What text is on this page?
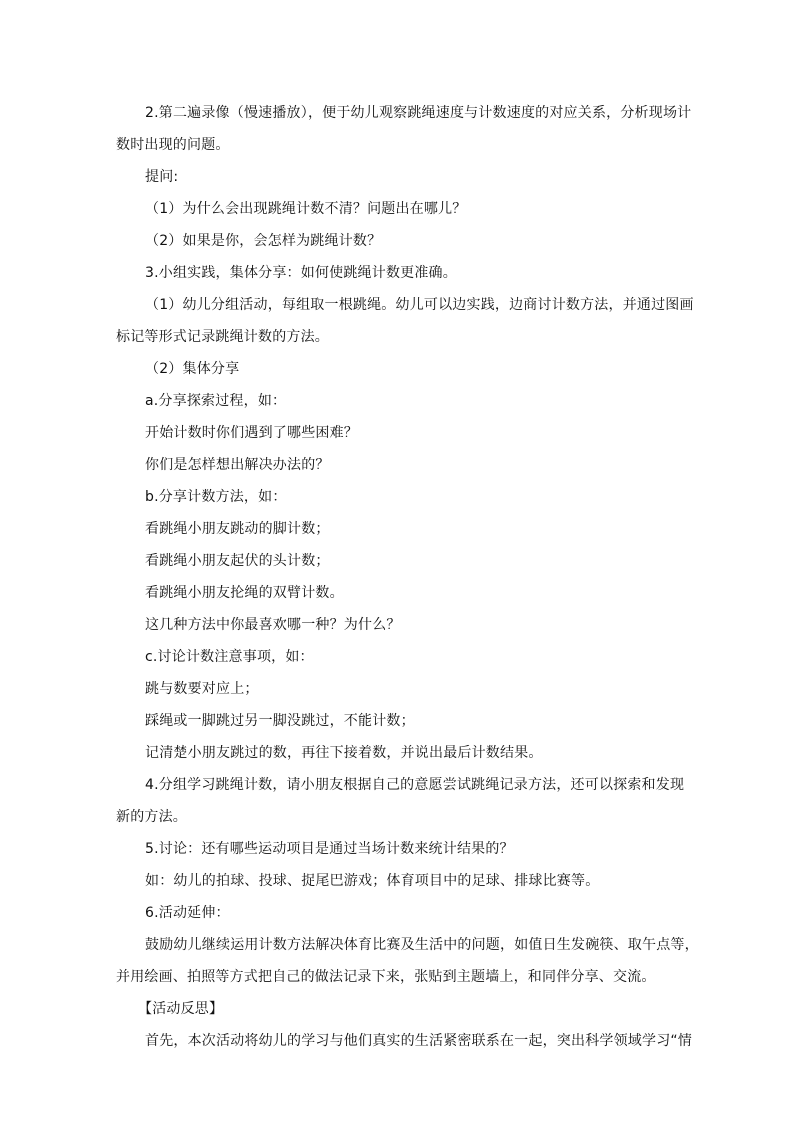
2.第二遍录像（慢速播放），便于幼儿观察跳绳速度与计数速度的对应关系，分析现场计
数时出现的问题。
提问:
（1）为什么会出现跳绳计数不清？问题出在哪儿？
（2）如果是你，会怎样为跳绳计数？
3.小组实践，集体分享：如何使跳绳计数更准确。
（1）幼儿分组活动，每组取一根跳绳。幼儿可以边实践，边商讨计数方法，并通过图画
标记等形式记录跳绳计数的方法。
（2）集体分享
a.分享探索过程，如：
开始计数时你们遇到了哪些困难？
你们是怎样想出解决办法的？
b.分享计数方法，如：
看跳绳小朋友跳动的脚计数；
看跳绳小朋友起伏的头计数；
看跳绳小朋友抡绳的双臂计数。
这几种方法中你最喜欢哪一种？为什么？
c.讨论计数注意事项，如：
跳与数要对应上；
踩绳或一脚跳过另一脚没跳过，不能计数；
记清楚小朋友跳过的数，再往下接着数，并说出最后计数结果。
4.分组学习跳绳计数，请小朋友根据自己的意愿尝试跳绳记录方法，还可以探索和发现
新的方法。
5.讨论：还有哪些运动项目是通过当场计数来统计结果的？
如：幼儿的拍球、投球、捉尾巴游戏；体育项目中的足球、排球比赛等。
6.活动延伸：
鼓励幼儿继续运用计数方法解决体育比赛及生活中的问题，如值日生发碗筷、取午点等，
并用绘画、拍照等方式把自己的做法记录下来，张贴到主题墙上，和同伴分享、交流。
【活动反思】
首先，本次活动将幼儿的学习与他们真实的生活紧密联系在一起，突出科学领域学习“情
